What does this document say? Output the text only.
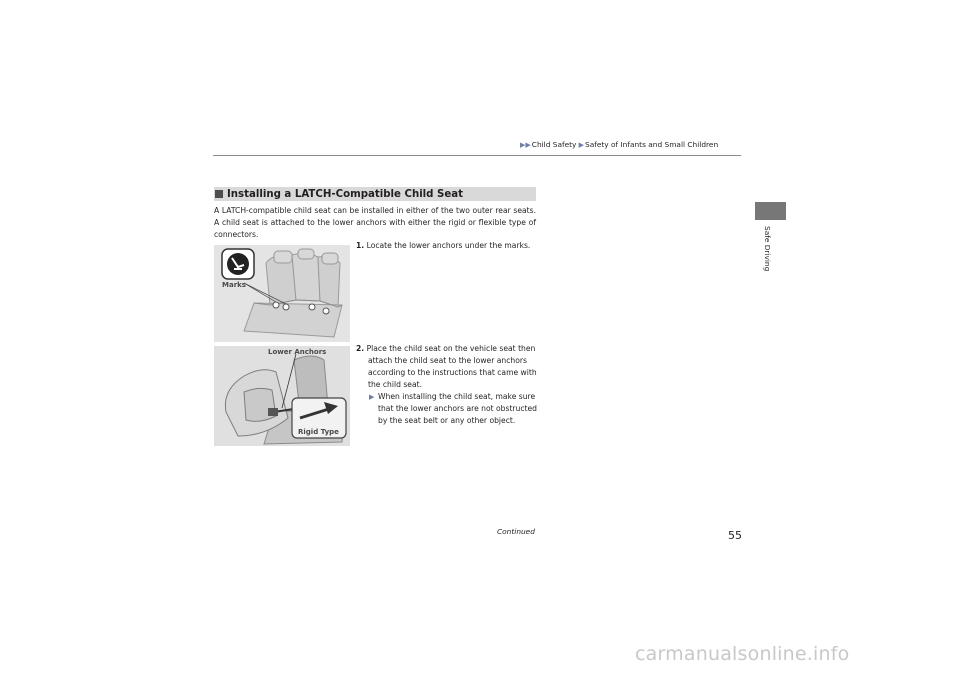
▶▶Child Safety ▶Safety of Infants and Small Children
Safe Driving
Installing a LATCH-Compatible Child Seat
A LATCH-compatible child seat can be installed in either of the two outer rear seats. A child seat is attached to the lower anchors with either the rigid or flexible type of connectors.
Marks
1. Locate the lower anchors under the marks.
Lower Anchors
Rigid Type
2. Place the child seat on the vehicle seat then attach the child seat to the lower anchors according to the instructions that came with the child seat.
▶ When installing the child seat, make sure that the lower anchors are not obstructed by the seat belt or any other object.
Continued	55
carmanualsonline.info
